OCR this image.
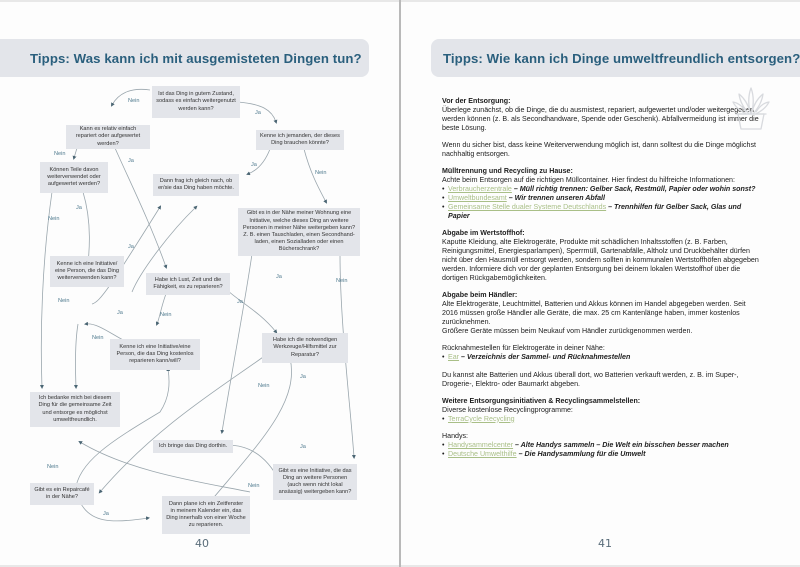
Tipps: Was kann ich mit ausgemisteten Dingen tun?
Ist das Ding in gutem Zustand, sodass es einfach weitergenutzt werden kann?
Kann es relativ einfach repariert oder aufgewertet werden?
Kenne ich jemanden, der dieses Ding brauchen könnte?
Können Teile davon weiterverwendet oder aufgewertet werden?
Dann frag ich gleich nach, ob er/sie das Ding haben möchte.
Gibt es in der Nähe meiner Wohnung eine Initiative, welche dieses Ding an weitere Personen in meiner Nähe weitergeben kann? Z. B. einen Tauschladen, einen Secondhand-laden, einen Sozialladen oder einen Bücherschrank?
Kenne ich eine Initiative/ eine Person, die das Ding weiterverwenden kann?	Habe ich Lust, Zeit und die Fähigkeit, es zu reparieren?
Kenne ich eine Initiative/eine Person, die das Ding kostenlos reparieren kann/will?
Habe ich die notwendigen Werkzeuge/Hilfsmittel zur Reparatur?
Ich bedanke mich bei diesem Ding für die gemeinsame Zeit und entsorge es möglichst umweltfreundlich.
Ich bringe das Ding dorthin.
Gibt es eine Initiative, die das Ding an weitere Personen (auch wenn nicht lokal ansässig) weitergeben kann?
Gibt es ein Repaircafé in der Nähe?
Dann plane ich ein Zeitfenster in meinem Kalender ein, das Ding innerhalb von einer Woche zu reparieren.
Nein
Ja
Nein
Ja
Ja
Nein
Ja
Nein
Ja
Ja
Nein
Nein	Ja
Ja	Nein
Nein
Ja
Nein
Ja
Nein
Nein
Ja
40
Tipps: Wie kann ich Dinge umweltfreundlich entsorgen?
Vor der Entsorgung:
Überlege zunächst, ob die Dinge, die du ausmistest, repariert, aufgewertet und/oder weitergegeben werden können (z. B. als Secondhandware, Spende oder Geschenk). Abfallvermeidung ist immer die beste Lösung.
Wenn du sicher bist, dass keine Weiterverwendung möglich ist, dann solltest du die Dinge möglichst nachhaltig entsorgen.
Mülltrennung und Recycling zu Hause:
Achte beim Entsorgen auf die richtigen Müllcontainer. Hier findest du hilfreiche Informationen:
• Verbraucherzentrale – Müll richtig trennen: Gelber Sack, Restmüll, Papier oder wohin sonst?
• Umweltbundesamt – Wir trennen unseren Abfall
• Gemeinsame Stelle dualer Systeme Deutschlands – Trennhilfen für Gelber Sack, Glas und Papier
Abgabe im Wertstoffhof:
Kaputte Kleidung, alte Elektrogeräte, Produkte mit schädlichen Inhaltsstoffen (z. B. Farben, Reinigungsmittel, Energiesparlampen), Sperrmüll, Gartenabfälle, Altholz und Druckbehälter dürfen nicht über den Hausmüll entsorgt werden, sondern sollten in kommunalen Wertstoffhöfen abgegeben werden. Informiere dich vor der geplanten Entsorgung bei deinem lokalen Wertstoffhof über die dortigen Rückgabemöglichkeiten.
Abgabe beim Händler:
Alte Elektrogeräte, Leuchtmittel, Batterien und Akkus können im Handel abgegeben werden. Seit 2016 müssen große Händler alle Geräte, die max. 25 cm Kantenlänge haben, immer kostenlos zurücknehmen.
Größere Geräte müssen beim Neukauf vom Händler zurückgenommen werden.
Rücknahmestellen für Elektrogeräte in deiner Nähe:
• Ear – Verzeichnis der Sammel- und Rücknahmestellen
Du kannst alte Batterien und Akkus überall dort, wo Batterien verkauft werden, z. B. im Super-, Drogerie-, Elektro- oder Baumarkt abgeben.
Weitere Entsorgungsinitiativen & Recyclingsammelstellen:
Diverse kostenlose Recyclingprogramme:
• TerraCycle Recycling
Handys:
• Handysammelcenter – Alte Handys sammeln – Die Welt ein bisschen besser machen
• Deutsche Umwelthilfe – Die Handysammlung für die Umwelt
41
